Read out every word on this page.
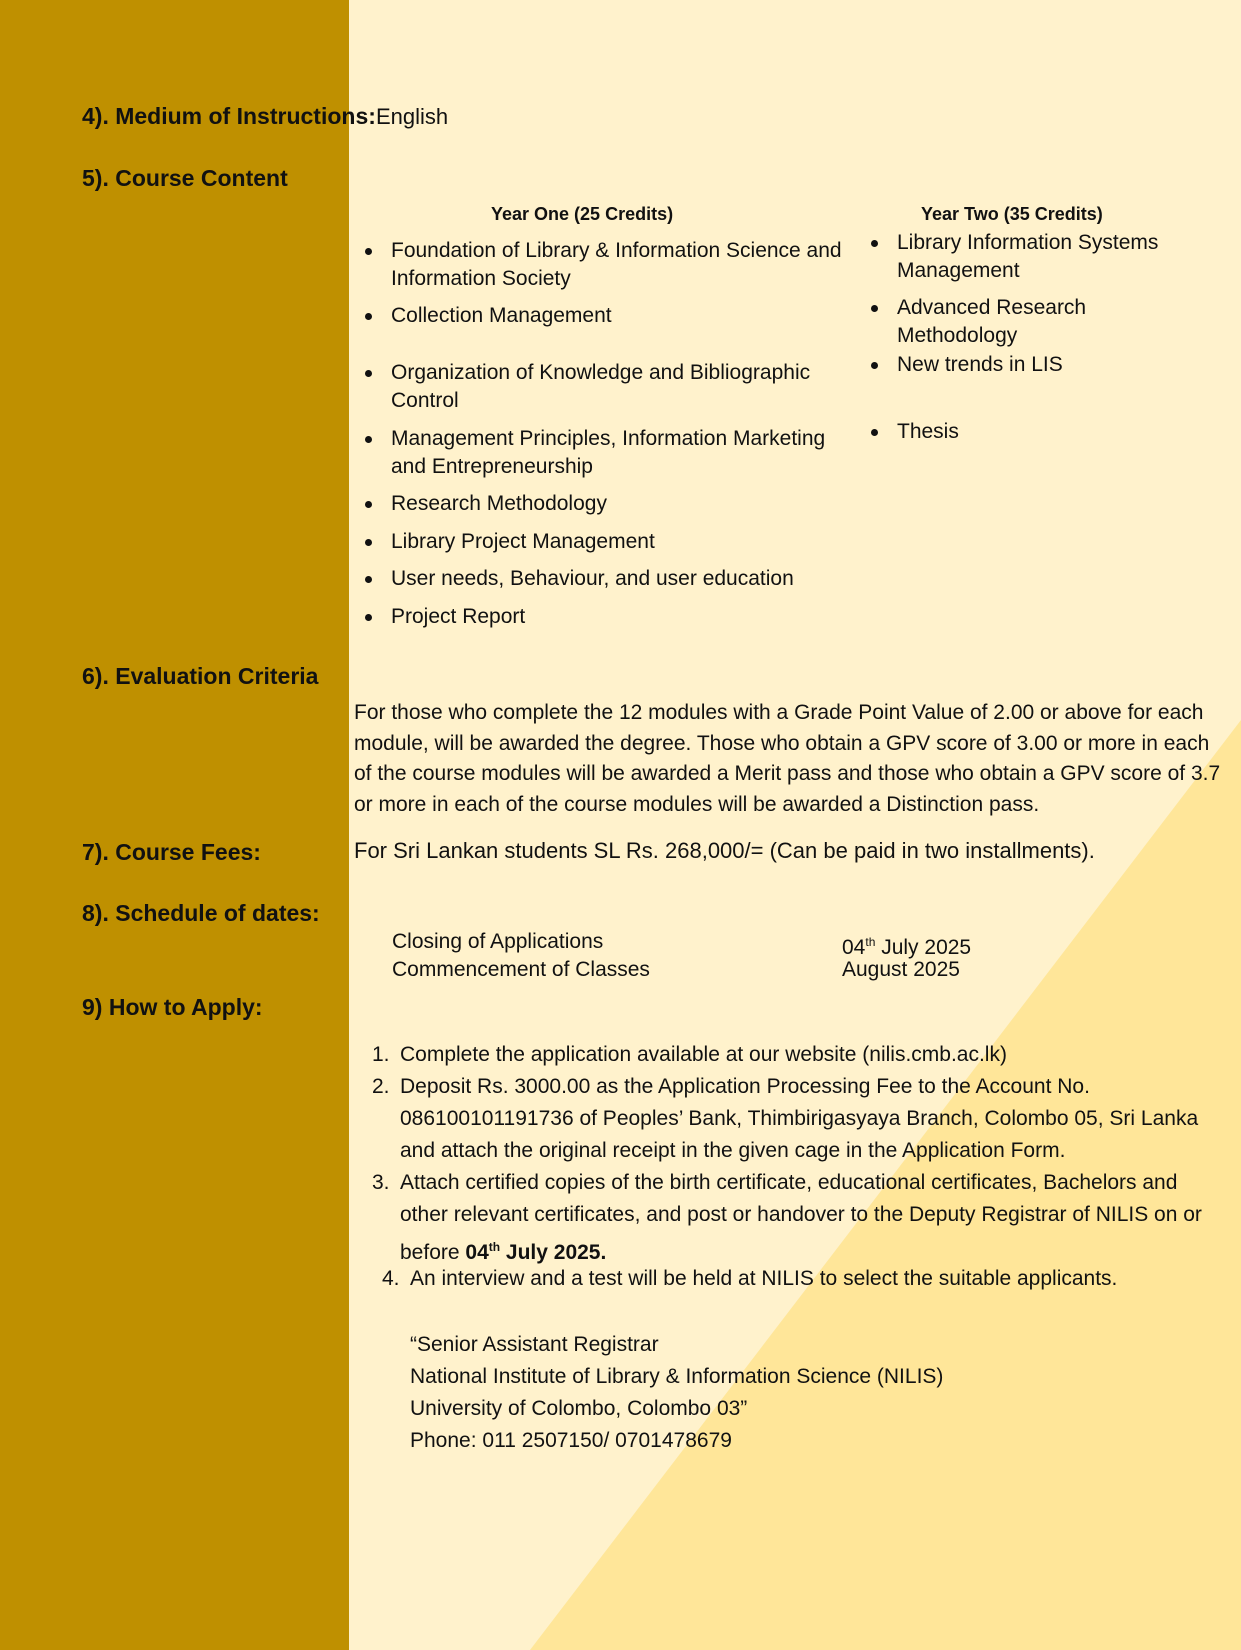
4). Medium of Instructions: English
5). Course Content
Year One (25 Credits)	Year Two (35 Credits)
Foundation of Library & Information Science and Information Society
Collection Management
Organization of Knowledge and Bibliographic Control
Management Principles, Information Marketing and Entrepreneurship
Research Methodology
Library Project Management
User needs, Behaviour, and user education
Project Report
Library Information Systems Management
Advanced Research Methodology
New trends in LIS
Thesis
6). Evaluation Criteria
For those who complete the 12 modules with a Grade Point Value of 2.00 or above for each module, will be awarded the degree. Those who obtain a GPV score of 3.00 or more in each of the course modules will be awarded a Merit pass and those who obtain a GPV score of 3.7 or more in each of the course modules will be awarded a Distinction pass.
7). Course Fees:	For Sri Lankan students SL Rs. 268,000/= (Can be paid in two installments).
8). Schedule of dates:
Closing of Applications	04th July 2025
Commencement of Classes	August 2025
9) How to Apply:
1. Complete the application available at our website (nilis.cmb.ac.lk)
2. Deposit Rs. 3000.00 as the Application Processing Fee to the Account No.
086100101191736 of Peoples’ Bank, Thimbirigasyaya Branch, Colombo 05, Sri Lanka
and attach the original receipt in the given cage in the Application Form.
3. Attach certified copies of the birth certificate, educational certificates, Bachelors and
other relevant certificates, and post or handover to the Deputy Registrar of NILIS on or
before 04th July 2025.
4. An interview and a test will be held at NILIS to select the suitable applicants.
“Senior Assistant Registrar
National Institute of Library & Information Science (NILIS)
University of Colombo, Colombo 03”
Phone: 011 2507150/ 0701478679
